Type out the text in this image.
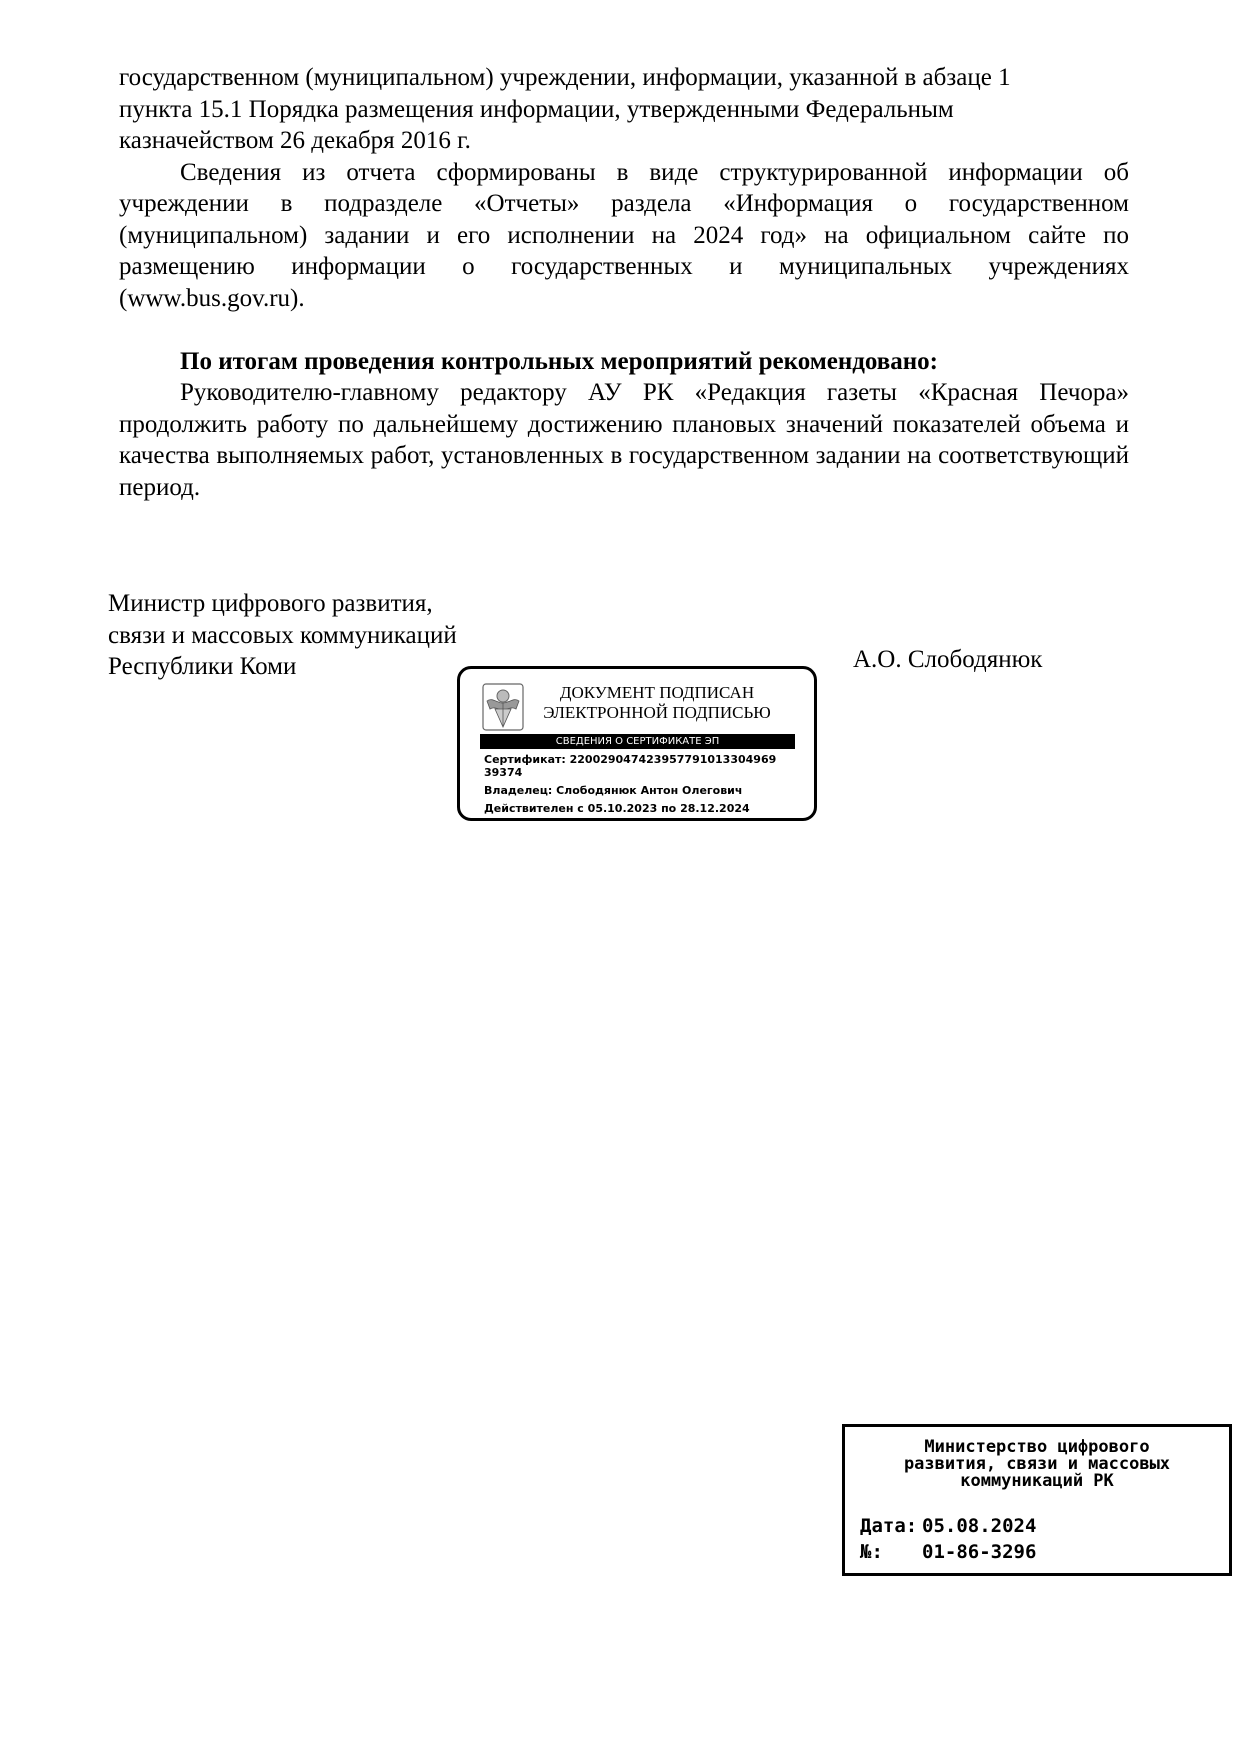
государственном (муниципальном) учреждении, информации, указанной в абзаце 1
пункта 15.1 Порядка размещения информации, утвержденными Федеральным
казначейством 26 декабря 2016 г.

Сведения из отчета сформированы в виде структурированной информации об учреждении в подразделе «Отчеты» раздела «Информация о государственном (муниципальном) задании и его исполнении на 2024 год» на официальном сайте по размещению информации о государственных и муниципальных учреждениях (www.bus.gov.ru).

По итогам проведения контрольных мероприятий рекомендовано:

Руководителю-главному редактору АУ РК «Редакция газеты «Красная Печора» продолжить работу по дальнейшему достижению плановых значений показателей объема и качества выполняемых работ, установленных в государственном задании на соответствующий период.

Министр цифрового развития,
связи и массовых коммуникаций
Республики Коми	А.О. Слободянюк
ДОКУМЕНТ ПОДПИСАН
ЭЛЕКТРОННОЙ ПОДПИСЬЮ
СВЕДЕНИЯ О СЕРТИФИКАТЕ ЭП
Сертификат: 22002904742395779101330496​9
39374
Владелец: Слободянюк Антон Олегович
Действителен с 05.10.2023 по 28.12.2024
Министерство цифрового
развития, связи и массовых
коммуникаций РК
Дата: 05.08.2024
№: 01-86-3296
